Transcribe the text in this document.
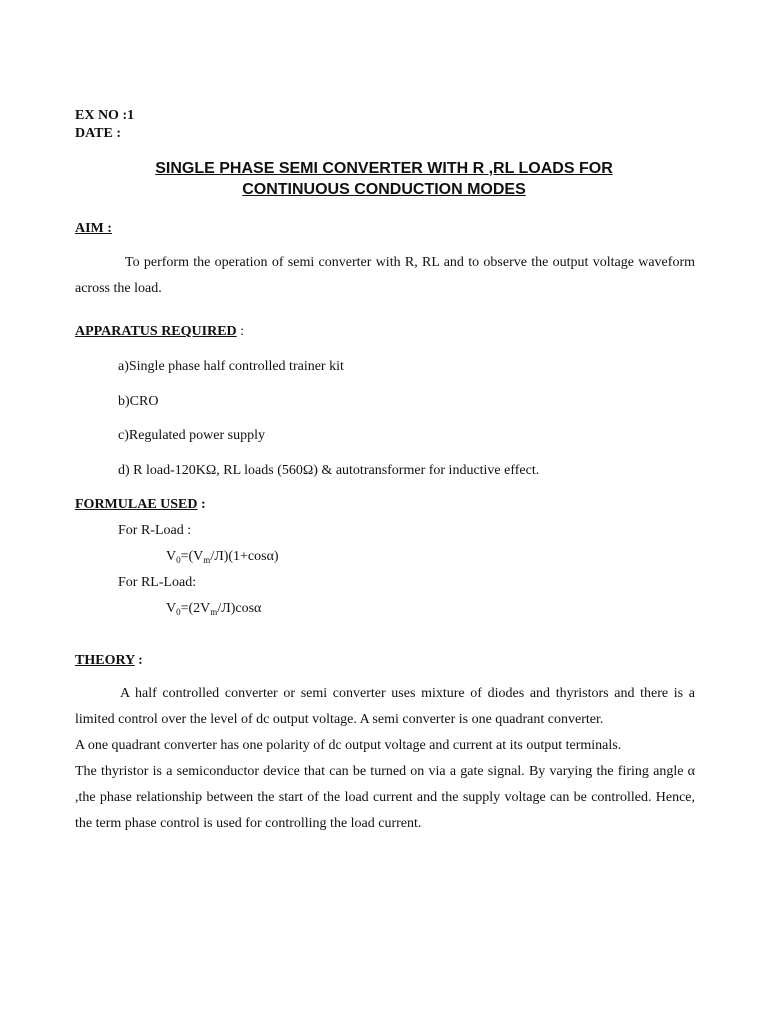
EX NO :1
DATE :
SINGLE PHASE SEMI CONVERTER WITH R ,RL LOADS FOR
CONTINUOUS CONDUCTION MODES
AIM :
To perform the operation of semi converter with R, RL and to observe the output voltage waveform across the load.
APPARATUS REQUIRED :
a)Single phase half controlled trainer kit
b)CRO
c)Regulated power supply
d) R load-120KΩ, RL loads (560Ω) & autotransformer for inductive effect.
FORMULAE USED :
For R-Load :
$V_0=(V_m/Л)(1+\cos\alpha)$
For RL-Load:
$V_0=(2V_m/Л)\cos\alpha$
THEORY :
A half controlled converter or semi converter uses mixture of diodes and thyristors and there is a limited control over the level of dc output voltage. A semi converter is one quadrant converter.
A one quadrant converter has one polarity of dc output voltage and current at its output terminals.
The thyristor is a semiconductor device that can be turned on via a gate signal. By varying the firing angle α ,the phase relationship between the start of the load current and the supply voltage can be controlled. Hence, the term phase control is used for controlling the load current.
